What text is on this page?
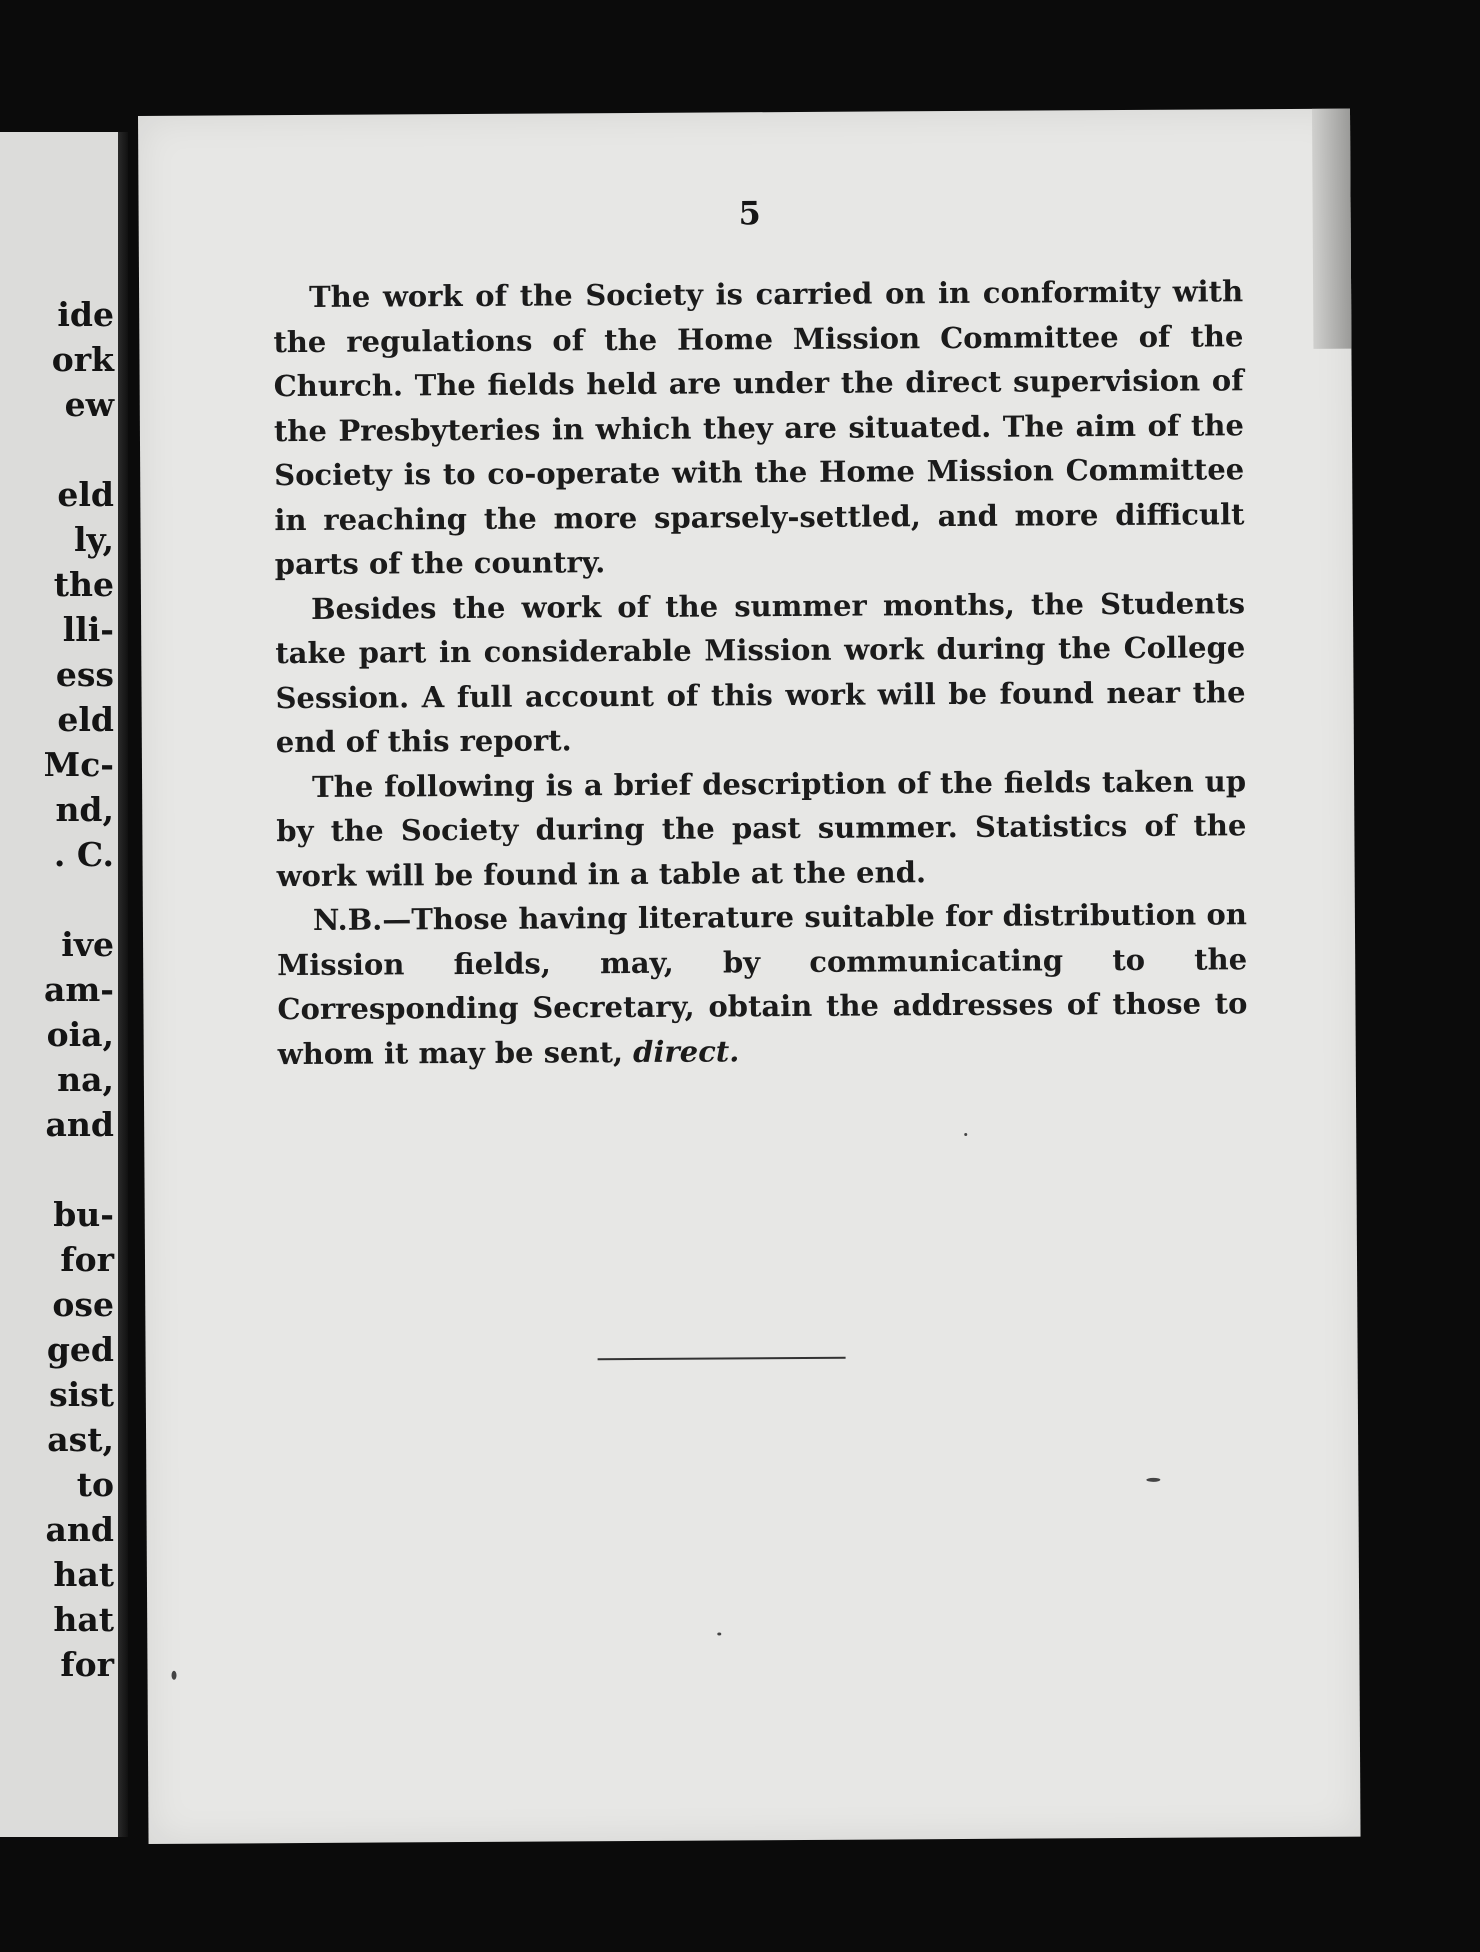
ide
ork
ew
eld
ly,
the
lli-
ess
eld
Mc-
nd,
. C.
ive
am-
oia,
na,
and
bu-
for
ose
ged
sist
ast,
to
and
hat
hat
for
5

The work of the Society is carried on in conformity with the regulations of the Home Mission Committee of the Church. The fields held are under the direct supervision of the Presbyteries in which they are situated. The aim of the Society is to co-operate with the Home Mission Committee in reaching the more sparsely-settled, and more difficult parts of the country.

Besides the work of the summer months, the Students take part in considerable Mission work during the College Session. A full account of this work will be found near the end of this report.

The following is a brief description of the fields taken up by the Society during the past summer. Statistics of the work will be found in a table at the end.

N.B.—Those having literature suitable for distribution on Mission fields, may, by communicating to the Corresponding Secretary, obtain the addresses of those to whom it may be sent, direct.
